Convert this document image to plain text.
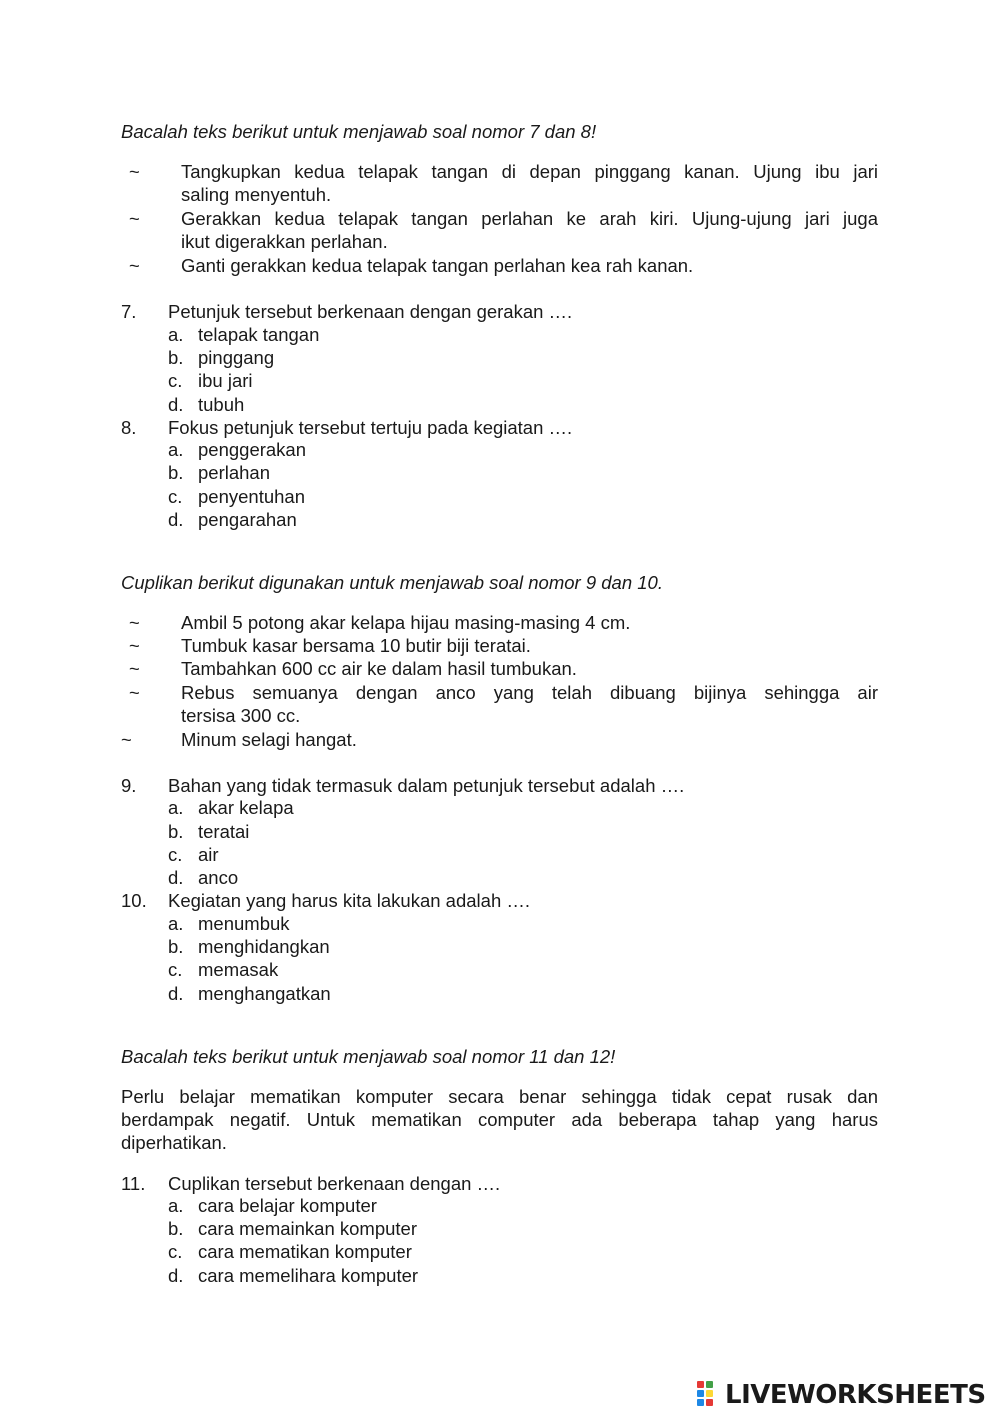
Bacalah teks berikut untuk menjawab soal nomor 7 dan 8!
~ Tangkupkan kedua telapak tangan di depan pinggang kanan. Ujung ibu jari
saling menyentuh.
~ Gerakkan kedua telapak tangan perlahan ke arah kiri. Ujung-ujung jari juga
ikut digerakkan perlahan.
~ Ganti gerakkan kedua telapak tangan perlahan kea rah kanan.
7. Petunjuk tersebut berkenaan dengan gerakan ….
a. telapak tangan
b. pinggang
c. ibu jari
d. tubuh
8. Fokus petunjuk tersebut tertuju pada kegiatan ….
a. penggerakan
b. perlahan
c. penyentuhan
d. pengarahan
Cuplikan berikut digunakan untuk menjawab soal nomor 9 dan 10.
~ Ambil 5 potong akar kelapa hijau masing-masing 4 cm.
~ Tumbuk kasar bersama 10 butir biji teratai.
~ Tambahkan 600 cc air ke dalam hasil tumbukan.
~ Rebus semuanya dengan anco yang telah dibuang bijinya sehingga air
tersisa 300 cc.
~	Minum selagi hangat.
9. Bahan yang tidak termasuk dalam petunjuk tersebut adalah ….
a. akar kelapa
b. teratai
c. air
d. anco
10. Kegiatan yang harus kita lakukan adalah ….
a. menumbuk
b. menghidangkan
c. memasak
d. menghangatkan
Bacalah teks berikut untuk menjawab soal nomor 11 dan 12!
Perlu belajar mematikan komputer secara benar sehingga tidak cepat rusak dan
berdampak negatif. Untuk mematikan computer ada beberapa tahap yang harus
diperhatikan.
11. Cuplikan tersebut berkenaan dengan ….
a. cara belajar komputer
b. cara memainkan komputer
c. cara mematikan komputer
d. cara memelihara komputer
LIVEWORKSHEETS
